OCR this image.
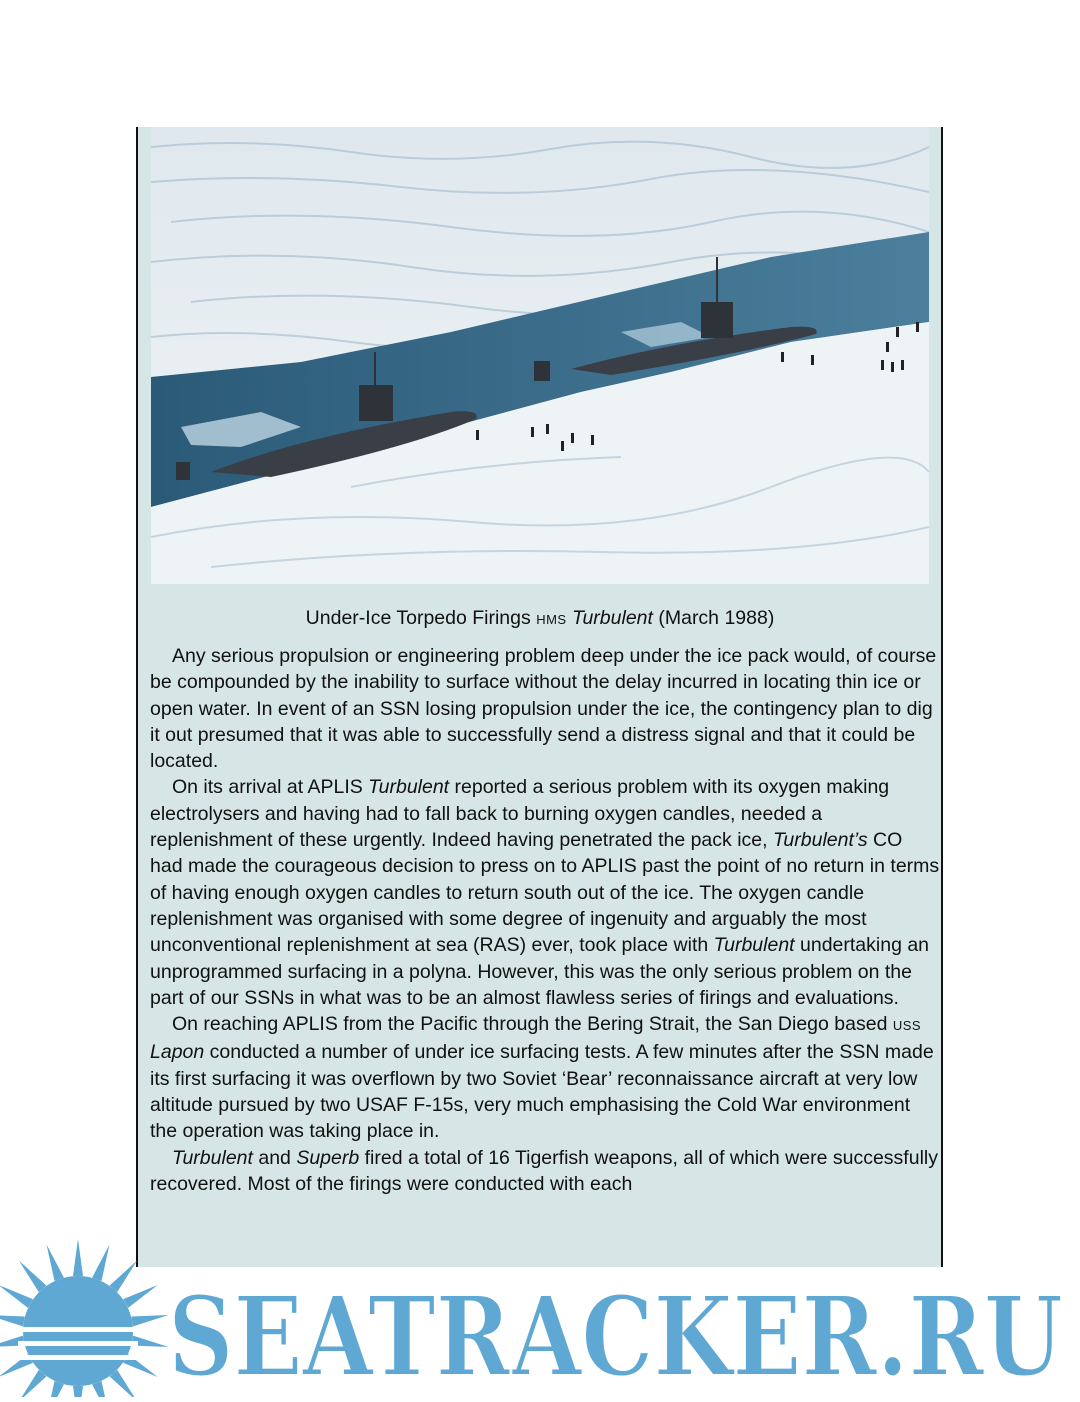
Under-Ice Torpedo Firings HMS Turbulent (March 1988)

Any serious propulsion or engineering problem deep under the ice pack would, of course be compounded by the inability to surface without the delay incurred in locating thin ice or open water. In event of an SSN losing propulsion under the ice, the contingency plan to dig it out presumed that it was able to successfully send a distress signal and that it could be located.

On its arrival at APLIS Turbulent reported a serious problem with its oxygen making electrolysers and having had to fall back to burning oxygen candles, needed a replenishment of these urgently. Indeed having penetrated the pack ice, Turbulent’s CO had made the courageous decision to press on to APLIS past the point of no return in terms of having enough oxygen candles to return south out of the ice. The oxygen candle replenishment was organised with some degree of ingenuity and arguably the most unconventional replenishment at sea (RAS) ever, took place with Turbulent undertaking an unprogrammed surfacing in a polyna. However, this was the only serious problem on the part of our SSNs in what was to be an almost flawless series of firings and evaluations.

On reaching APLIS from the Pacific through the Bering Strait, the San Diego based USS Lapon conducted a number of under ice surfacing tests. A few minutes after the SSN made its first surfacing it was overflown by two Soviet ‘Bear’ reconnaissance aircraft at very low altitude pursued by two USAF F-15s, very much emphasising the Cold War environment the operation was taking place in.

Turbulent and Superb fired a total of 16 Tigerfish weapons, all of which were successfully recovered. Most of the firings were conducted with each

SEATRACKER.RU
